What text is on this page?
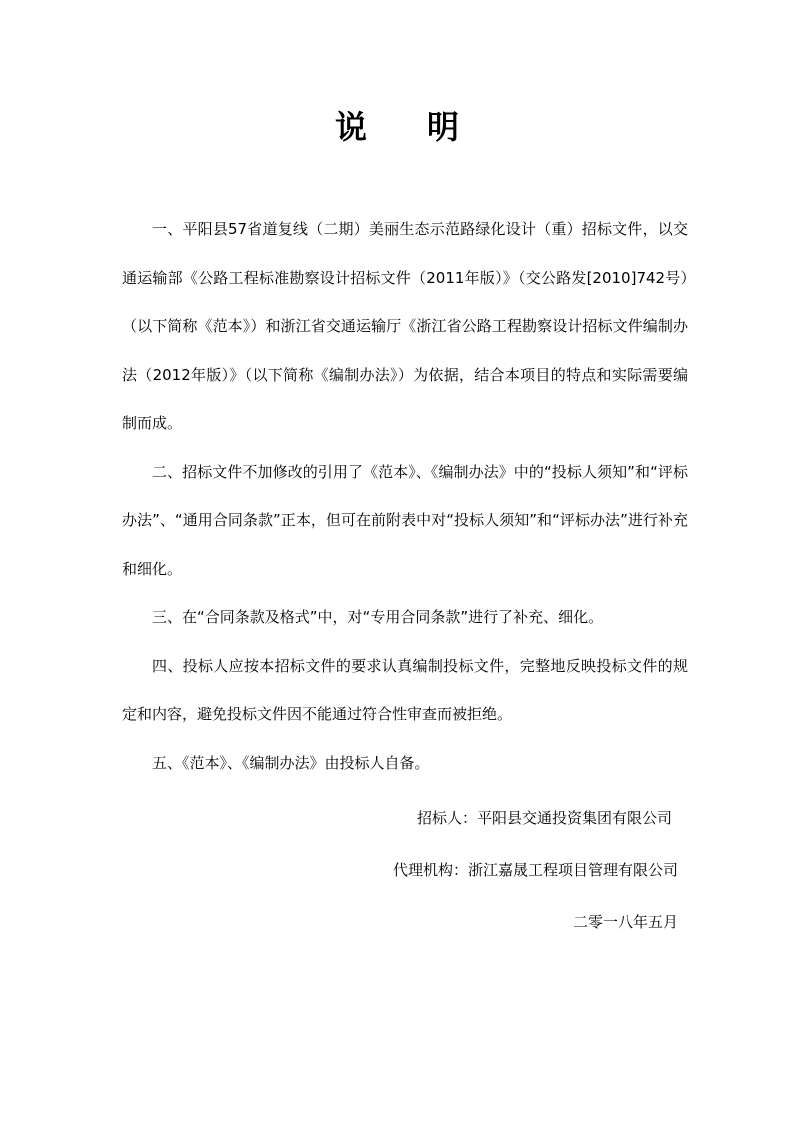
说 明

一、平阳县57省道复线（二期）美丽生态示范路绿化设计（重）招标文件，以交通运输部《公路工程标准勘察设计招标文件（2011年版）》（交公路发[2010]742号）（以下简称《范本》）和浙江省交通运输厅《浙江省公路工程勘察设计招标文件编制办法（2012年版）》（以下简称《编制办法》）为依据，结合本项目的特点和实际需要编制而成。

二、招标文件不加修改的引用了《范本》、《编制办法》中的“投标人须知”和“评标办法”、“通用合同条款”正本，但可在前附表中对“投标人须知”和“评标办法”进行补充和细化。

三、在“合同条款及格式”中，对“专用合同条款”进行了补充、细化。

四、投标人应按本招标文件的要求认真编制投标文件，完整地反映投标文件的规定和内容，避免投标文件因不能通过符合性审查而被拒绝。

五、《范本》、《编制办法》由投标人自备。

招标人：平阳县交通投资集团有限公司
代理机构：浙江嘉晟工程项目管理有限公司
二零一八年五月
